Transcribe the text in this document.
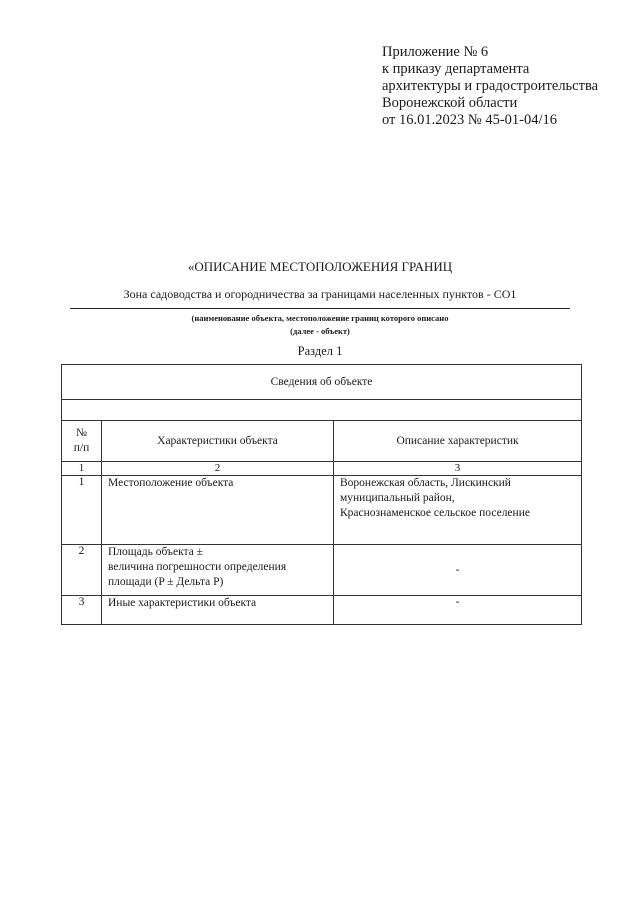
Приложение № 6
к приказу департамента
архитектуры и градостроительства
Воронежской области
от 16.01.2023 № 45-01-04/16
«ОПИСАНИЕ МЕСТОПОЛОЖЕНИЯ ГРАНИЦ
Зона садоводства и огородничества за границами населенных пунктов - СО1
(наименование объекта, местоположение границ которого описано
(далее - объект)
Раздел 1
Сведения об объекте		

№
п/п	Характеристики объекта	Описание характеристик
1	2	3
1	Местоположение объекта	Воронежская область, Лискинский
муниципальный район,
Краснознаменское сельское поселение

2	Площадь объекта ±
величина погрешности определения
площади (P ± Дельта P)	-
3	Иные характеристики объекта	-
